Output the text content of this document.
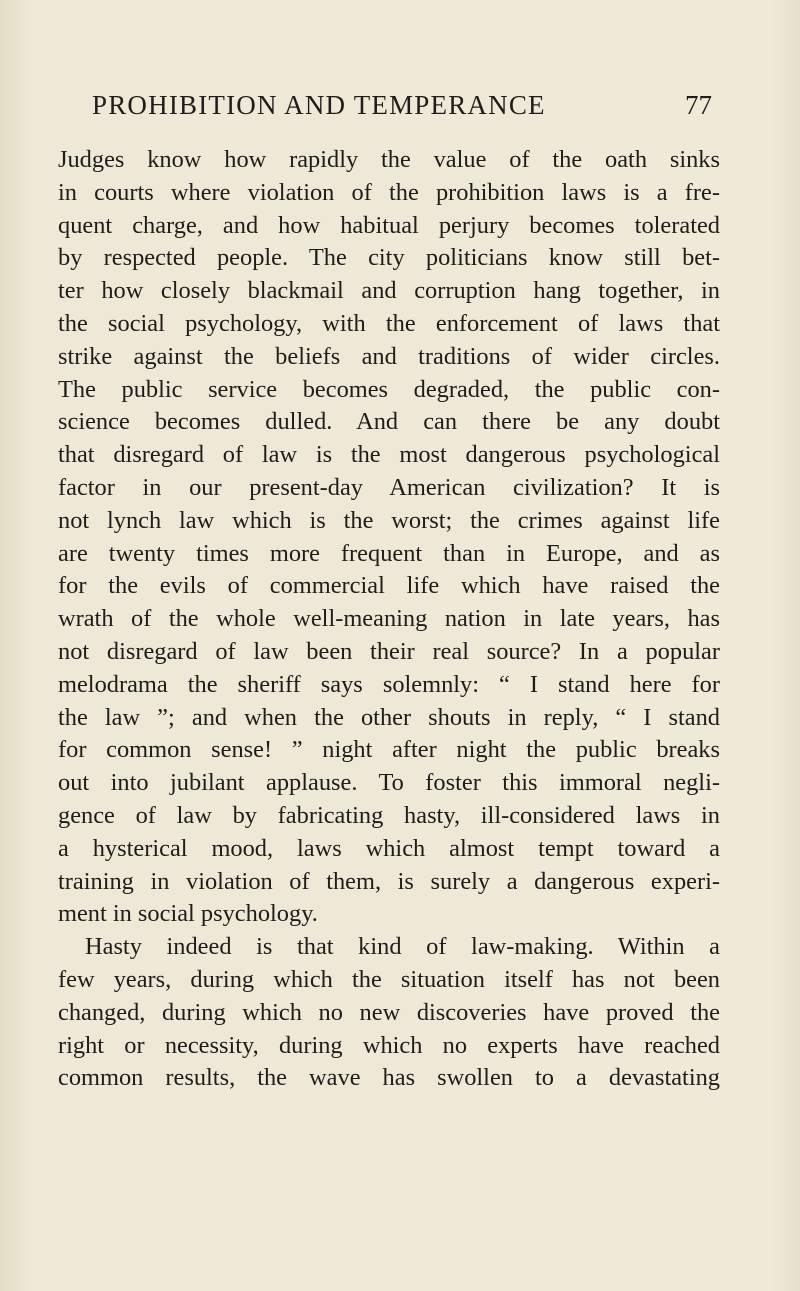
PROHIBITION AND TEMPERANCE	77
Judges know how rapidly the value of the oath sinks
in courts where violation of the prohibition laws is a fre-
quent charge, and how habitual perjury becomes tolerated
by respected people. The city politicians know still bet-
ter how closely blackmail and corruption hang together, in
the social psychology, with the enforcement of laws that
strike against the beliefs and traditions of wider circles.
The public service becomes degraded, the public con-
science becomes dulled. And can there be any doubt
that disregard of law is the most dangerous psychological
factor in our present-day American civilization? It is
not lynch law which is the worst; the crimes against life
are twenty times more frequent than in Europe, and as
for the evils of commercial life which have raised the
wrath of the whole well-meaning nation in late years, has
not disregard of law been their real source? In a popular
melodrama the sheriff says solemnly: “ I stand here for
the law ”; and when the other shouts in reply, “ I stand
for common sense! ” night after night the public breaks
out into jubilant applause. To foster this immoral negli-
gence of law by fabricating hasty, ill-considered laws in
a hysterical mood, laws which almost tempt toward a
training in violation of them, is surely a dangerous experi-
ment in social psychology.
Hasty indeed is that kind of law-making. Within a
few years, during which the situation itself has not been
changed, during which no new discoveries have proved the
right or necessity, during which no experts have reached
common results, the wave has swollen to a devastating
